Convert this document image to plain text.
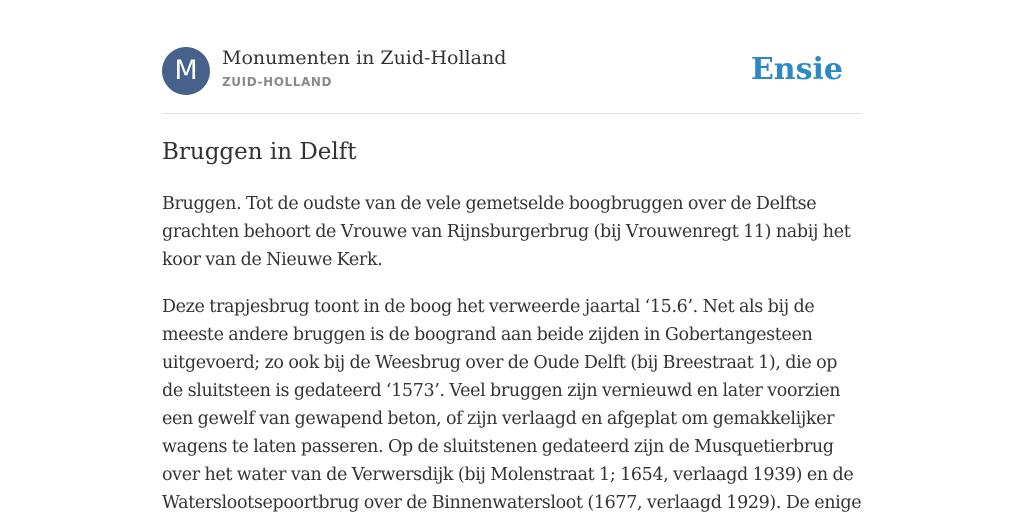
M	Monumenten in Zuid-Holland
ZUID-HOLLAND	Ensie
Bruggen in Delft

Bruggen. Tot de oudste van de vele gemetselde boogbruggen over de Delftse
grachten behoort de Vrouwe van Rijnsburgerbrug (bij Vrouwenregt 11) nabij het
koor van de Nieuwe Kerk.

Deze trapjesbrug toont in de boog het verweerde jaartal ‘15.6’. Net als bij de
meeste andere bruggen is de boogrand aan beide zijden in Gobertangesteen
uitgevoerd; zo ook bij de Weesbrug over de Oude Delft (bij Breestraat 1), die op
de sluitsteen is gedateerd ‘1573’. Veel bruggen zijn vernieuwd en later voorzien
een gewelf van gewapend beton, of zijn verlaagd en afgeplat om gemakkelijker
wagens te laten passeren. Op de sluitstenen gedateerd zijn de Musquetierbrug
over het water van de Verwersdijk (bij Molenstraat 1; 1654, verlaagd 1939) en de
Waterslootsepoortbrug over de Binnenwatersloot (1677, verlaagd 1929). De enige
